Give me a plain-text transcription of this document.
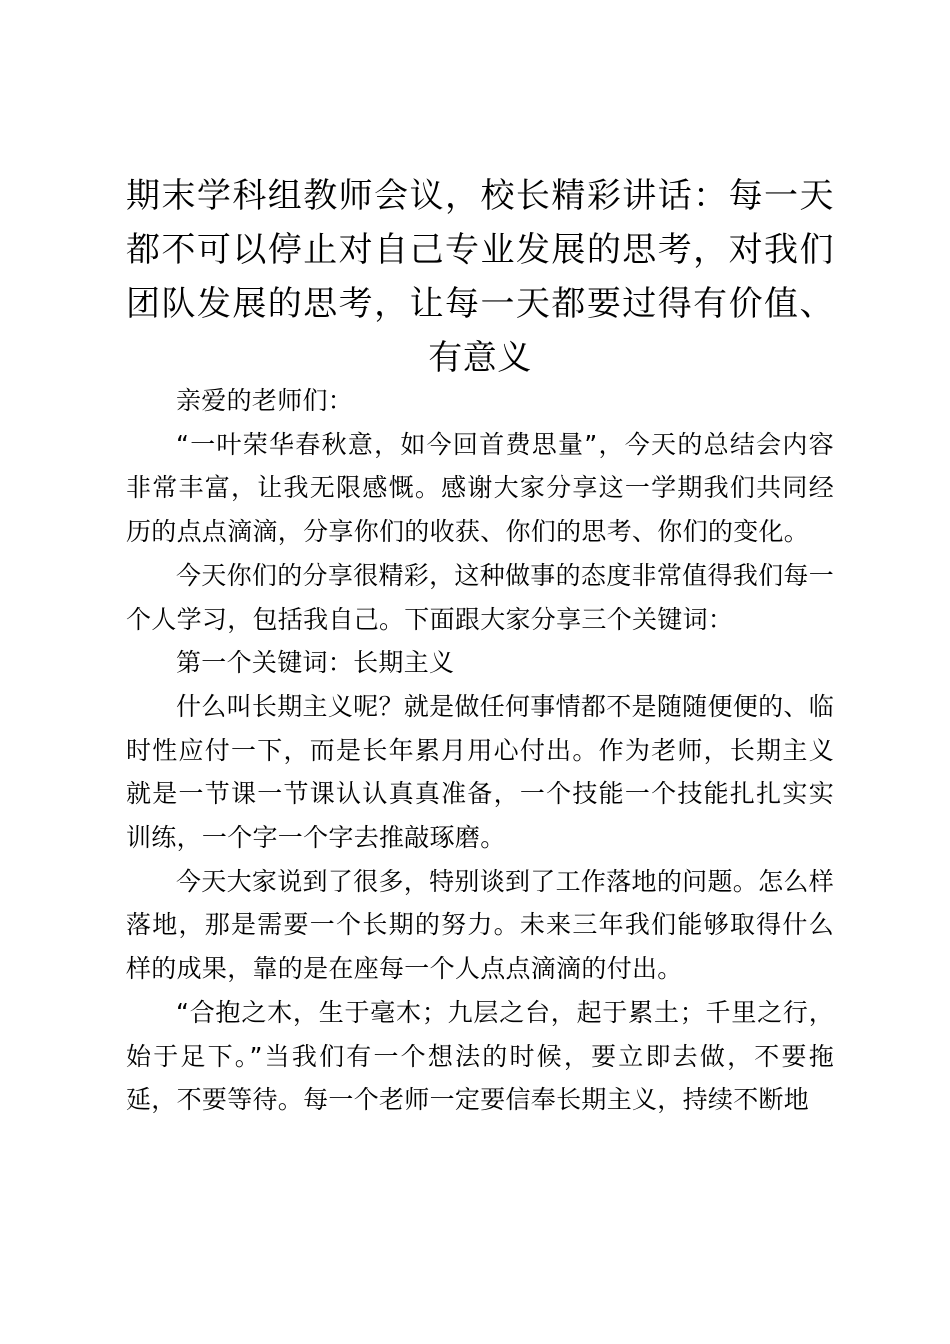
期末学科组教师会议，校长精彩讲话：每一天都不可以停止对自己专业发展的思考，对我们团队发展的思考，让每一天都要过得有价值、有意义

亲爱的老师们：

“一叶荣华春秋意，如今回首费思量”，今天的总结会内容非常丰富，让我无限感慨。感谢大家分享这一学期我们共同经历的点点滴滴，分享你们的收获、你们的思考、你们的变化。

今天你们的分享很精彩，这种做事的态度非常值得我们每一个人学习，包括我自己。下面跟大家分享三个关键词：

第一个关键词：长期主义

什么叫长期主义呢？就是做任何事情都不是随随便便的、临时性应付一下，而是长年累月用心付出。作为老师，长期主义就是一节课一节课认认真真准备，一个技能一个技能扎扎实实训练，一个字一个字去推敲琢磨。

今天大家说到了很多，特别谈到了工作落地的问题。怎么样落地，那是需要一个长期的努力。未来三年我们能够取得什么样的成果，靠的是在座每一个人点点滴滴的付出。

“合抱之木，生于毫木；九层之台，起于累土；千里之行，始于足下。”当我们有一个想法的时候，要立即去做，不要拖延，不要等待。每一个老师一定要信奉长期主义，持续不断地
